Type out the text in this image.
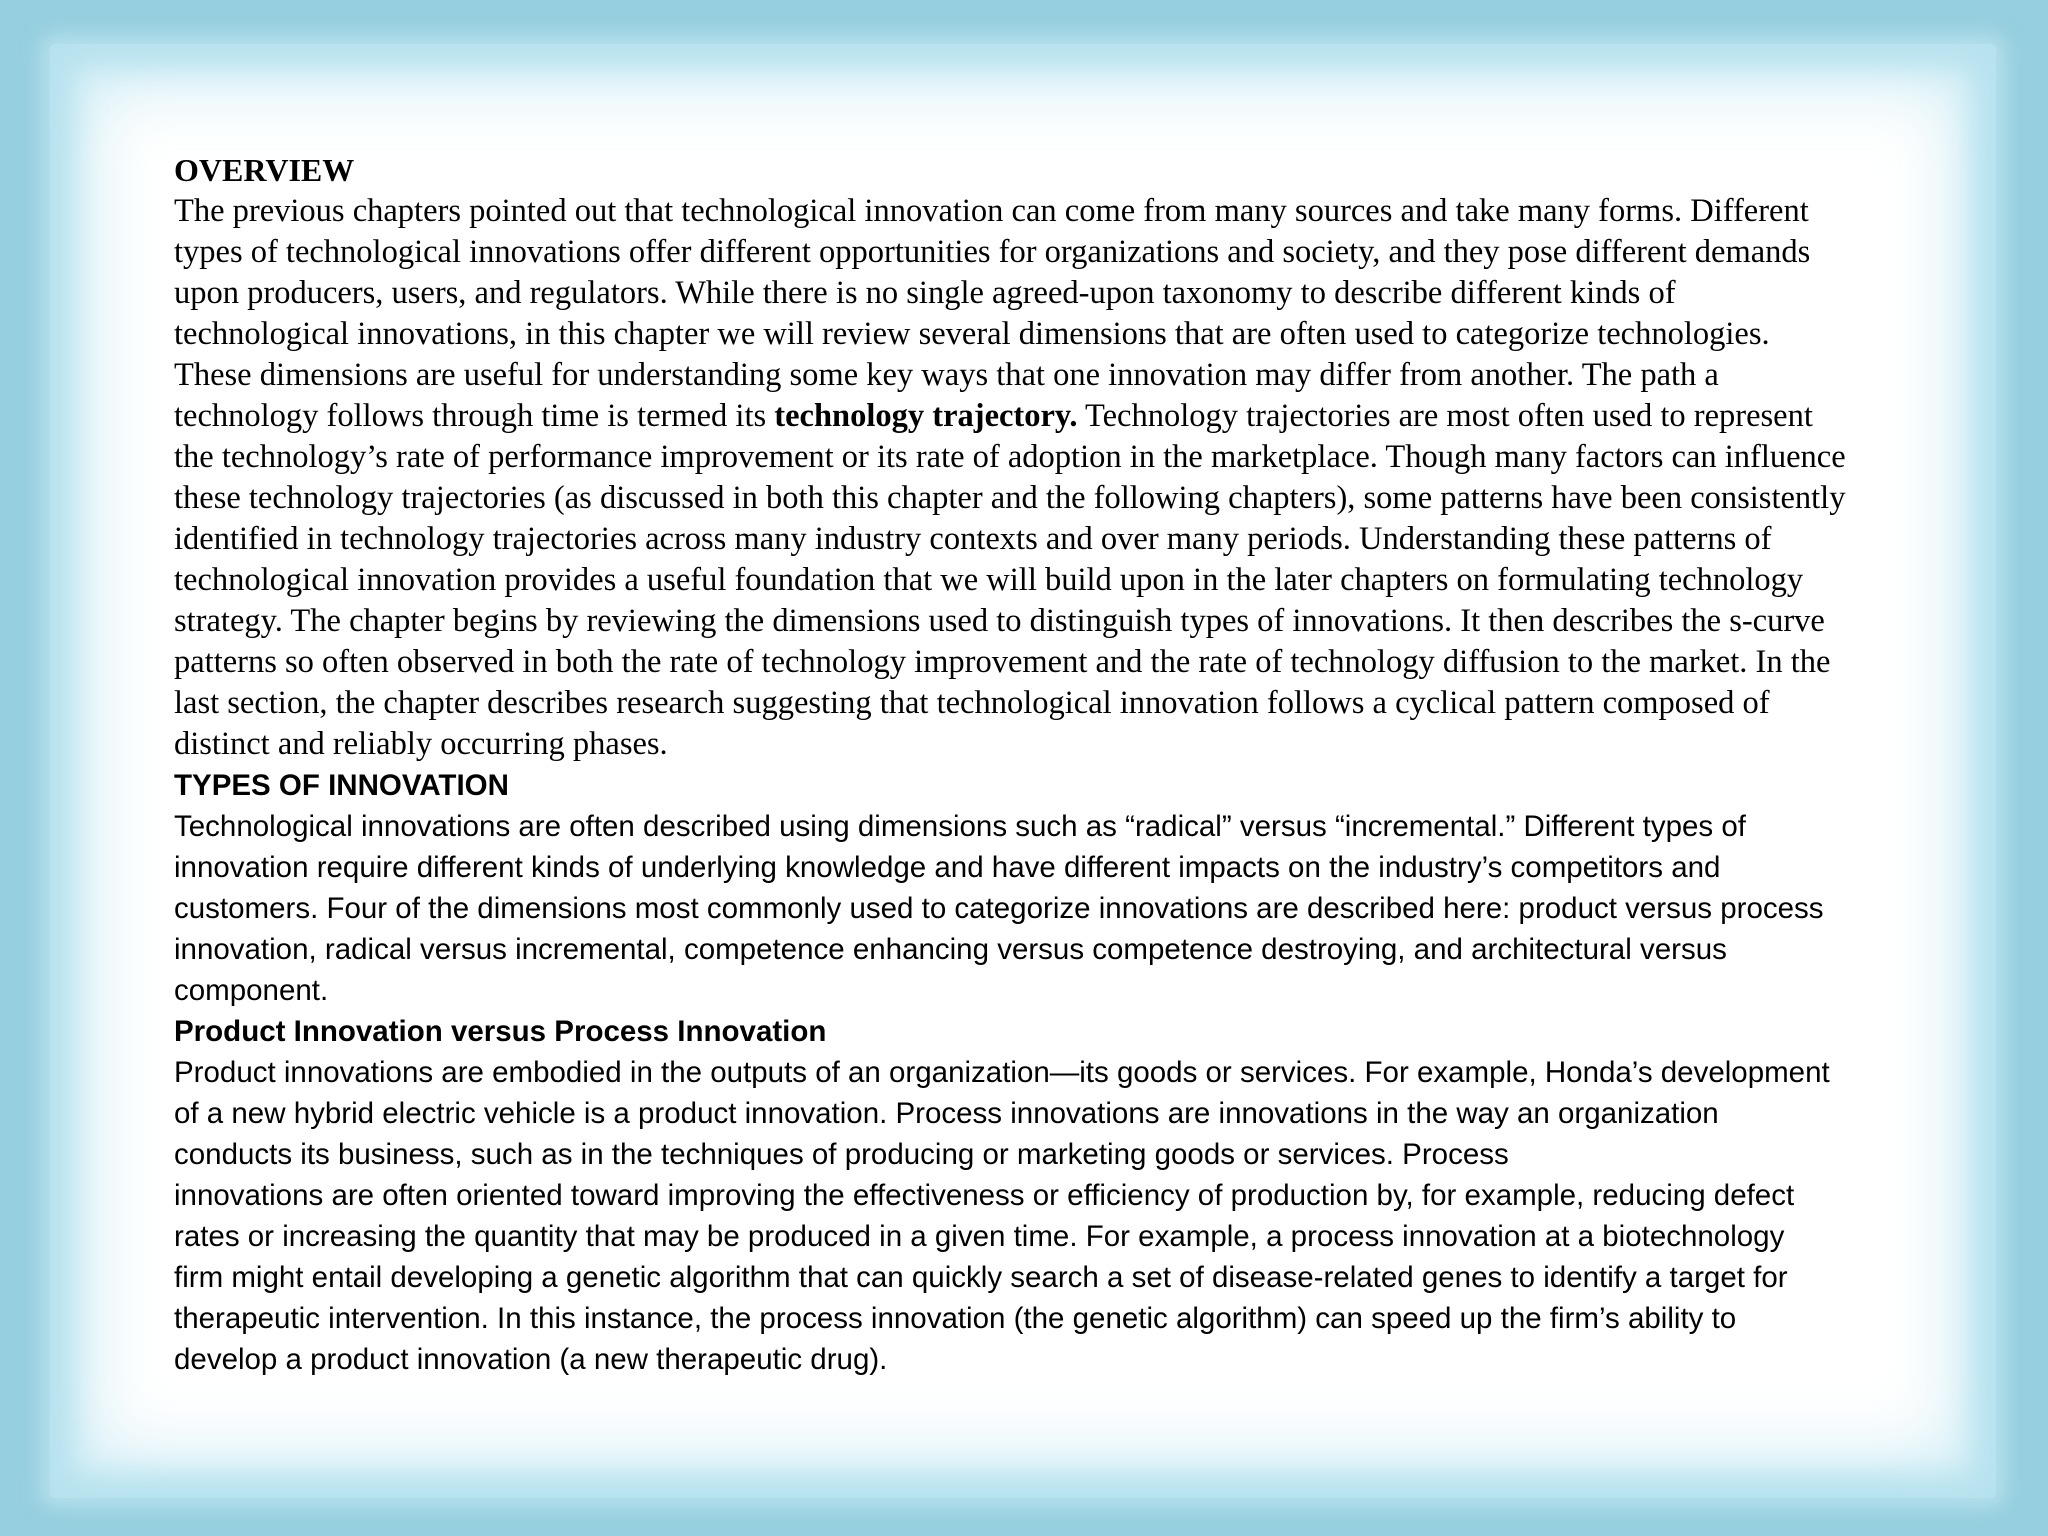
OVERVIEW

The previous chapters pointed out that technological innovation can come from many sources and take many forms. Different
types of technological innovations offer different opportunities for organizations and society, and they pose different demands
upon producers, users, and regulators. While there is no single agreed-upon taxonomy to describe different kinds of
technological innovations, in this chapter we will review several dimensions that are often used to categorize technologies.
These dimensions are useful for understanding some key ways that one innovation may differ from another. The path a
technology follows through time is termed its technology trajectory. Technology trajectories are most often used to represent
the technology’s rate of performance improvement or its rate of adoption in the marketplace. Though many factors can influence
these technology trajectories (as discussed in both this chapter and the following chapters), some patterns have been consistently
identified in technology trajectories across many industry contexts and over many periods. Understanding these patterns of
technological innovation provides a useful foundation that we will build upon in the later chapters on formulating technology
strategy. The chapter begins by reviewing the dimensions used to distinguish types of innovations. It then describes the s-curve
patterns so often observed in both the rate of technology improvement and the rate of technology diffusion to the market. In the
last section, the chapter describes research suggesting that technological innovation follows a cyclical pattern composed of
distinct and reliably occurring phases.

TYPES OF INNOVATION

Technological innovations are often described using dimensions such as “radical” versus “incremental.” Different types of
innovation require different kinds of underlying knowledge and have different impacts on the industry’s competitors and
customers. Four of the dimensions most commonly used to categorize innovations are described here: product versus process
innovation, radical versus incremental, competence enhancing versus competence destroying, and architectural versus
component.

Product Innovation versus Process Innovation

Product innovations are embodied in the outputs of an organization—its goods or services. For example, Honda’s development
of a new hybrid electric vehicle is a product innovation. Process innovations are innovations in the way an organization
conducts its business, such as in the techniques of producing or marketing goods or services. Process
innovations are often oriented toward improving the effectiveness or efficiency of production by, for example, reducing defect
rates or increasing the quantity that may be produced in a given time. For example, a process innovation at a biotechnology
firm might entail developing a genetic algorithm that can quickly search a set of disease-related genes to identify a target for
therapeutic intervention. In this instance, the process innovation (the genetic algorithm) can speed up the firm’s ability to
develop a product innovation (a new therapeutic drug).
